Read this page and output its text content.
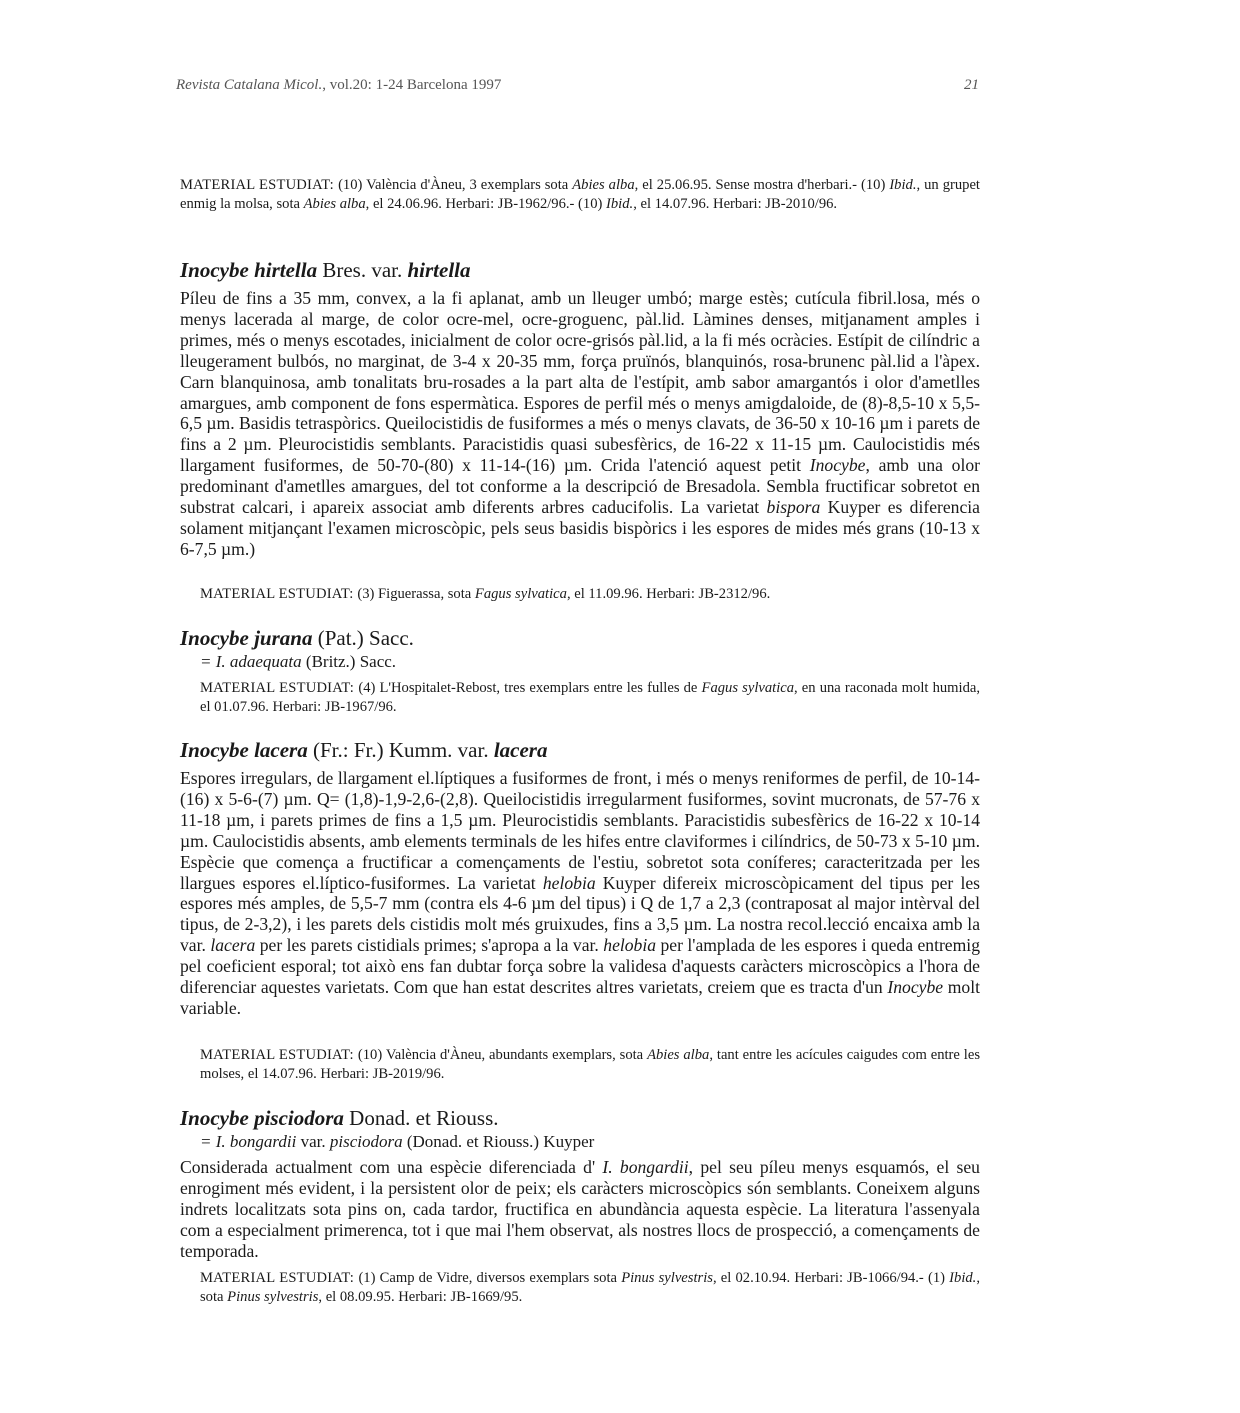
Revista Catalana Micol., vol.20: 1-24 Barcelona 1997	21
MATERIAL ESTUDIAT: (10) València d'Àneu, 3 exemplars sota Abies alba, el 25.06.95. Sense mostra d'herbari.- (10) Ibid., un grupet enmig la molsa, sota Abies alba, el 24.06.96. Herbari: JB-1962/96.- (10) Ibid., el 14.07.96. Herbari: JB-2010/96.
Inocybe hirtella Bres. var. hirtella
Píleu de fins a 35 mm, convex, a la fi aplanat, amb un lleuger umbó; marge estès; cutícula fibril.losa, més o menys lacerada al marge, de color ocre-mel, ocre-groguenc, pàl.lid. Làmines denses, mitjanament amples i primes, més o menys escotades, inicialment de color ocre-grisós pàl.lid, a la fi més ocràcies. Estípit de cilíndric a lleugerament bulbós, no marginat, de 3-4 x 20-35 mm, força pruïnós, blanquinós, rosa-brunenc pàl.lid a l'àpex. Carn blanquinosa, amb tonalitats bru-rosades a la part alta de l'estípit, amb sabor amargantós i olor d'ametlles amargues, amb component de fons espermàtica. Espores de perfil més o menys amigdaloide, de (8)-8,5-10 x 5,5-6,5 µm. Basidis tetraspòrics. Queilocistidis de fusiformes a més o menys clavats, de 36-50 x 10-16 µm i parets de fins a 2 µm. Pleurocistidis semblants. Paracistidis quasi subesfèrics, de 16-22 x 11-15 µm. Caulocistidis més llargament fusiformes, de 50-70-(80) x 11-14-(16) µm. Crida l'atenció aquest petit Inocybe, amb una olor predominant d'ametlles amargues, del tot conforme a la descripció de Bresadola. Sembla fructificar sobretot en substrat calcari, i apareix associat amb diferents arbres caducifolis. La varietat bispora Kuyper es diferencia solament mitjançant l'examen microscòpic, pels seus basidis bispòrics i les espores de mides més grans (10-13 x 6-7,5 µm.)
MATERIAL ESTUDIAT: (3) Figuerassa, sota Fagus sylvatica, el 11.09.96. Herbari: JB-2312/96.
Inocybe jurana (Pat.) Sacc.
= I. adaequata (Britz.) Sacc.
MATERIAL ESTUDIAT: (4) L'Hospitalet-Rebost, tres exemplars entre les fulles de Fagus sylvatica, en una raconada molt humida, el 01.07.96. Herbari: JB-1967/96.
Inocybe lacera (Fr.: Fr.) Kumm. var. lacera
Espores irregulars, de llargament el.líptiques a fusiformes de front, i més o menys reniformes de perfil, de 10-14-(16) x 5-6-(7) µm. Q= (1,8)-1,9-2,6-(2,8). Queilocistidis irregularment fusiformes, sovint mucronats, de 57-76 x 11-18 µm, i parets primes de fins a 1,5 µm. Pleurocistidis semblants. Paracistidis subesfèrics de 16-22 x 10-14 µm. Caulocistidis absents, amb elements terminals de les hifes entre claviformes i cilíndrics, de 50-73 x 5-10 µm. Espècie que comença a fructificar a començaments de l'estiu, sobretot sota coníferes; caracteritzada per les llargues espores el.líptico-fusiformes. La varietat helobia Kuyper difereix microscòpicament del tipus per les espores més amples, de 5,5-7 mm (contra els 4-6 µm del tipus) i Q de 1,7 a 2,3 (contraposat al major intèrval del tipus, de 2-3,2), i les parets dels cistidis molt més gruixudes, fins a 3,5 µm. La nostra recol.lecció encaixa amb la var. lacera per les parets cistidials primes; s'apropa a la var. helobia per l'amplada de les espores i queda entremig pel coeficient esporal; tot això ens fan dubtar força sobre la validesa d'aquests caràcters microscòpics a l'hora de diferenciar aquestes varietats. Com que han estat descrites altres varietats, creiem que es tracta d'un Inocybe molt variable.
MATERIAL ESTUDIAT: (10) València d'Àneu, abundants exemplars, sota Abies alba, tant entre les acícules caigudes com entre les molses, el 14.07.96. Herbari: JB-2019/96.
Inocybe pisciodora Donad. et Riouss.
= I. bongardii var. pisciodora (Donad. et Riouss.) Kuyper
Considerada actualment com una espècie diferenciada d' I. bongardii, pel seu píleu menys esquamós, el seu enrogiment més evident, i la persistent olor de peix; els caràcters microscòpics són semblants. Coneixem alguns indrets localitzats sota pins on, cada tardor, fructifica en abundància aquesta espècie. La literatura l'assenyala com a especialment primerenca, tot i que mai l'hem observat, als nostres llocs de prospecció, a començaments de temporada.
MATERIAL ESTUDIAT: (1) Camp de Vidre, diversos exemplars sota Pinus sylvestris, el 02.10.94. Herbari: JB-1066/94.- (1) Ibid., sota Pinus sylvestris, el 08.09.95. Herbari: JB-1669/95.
